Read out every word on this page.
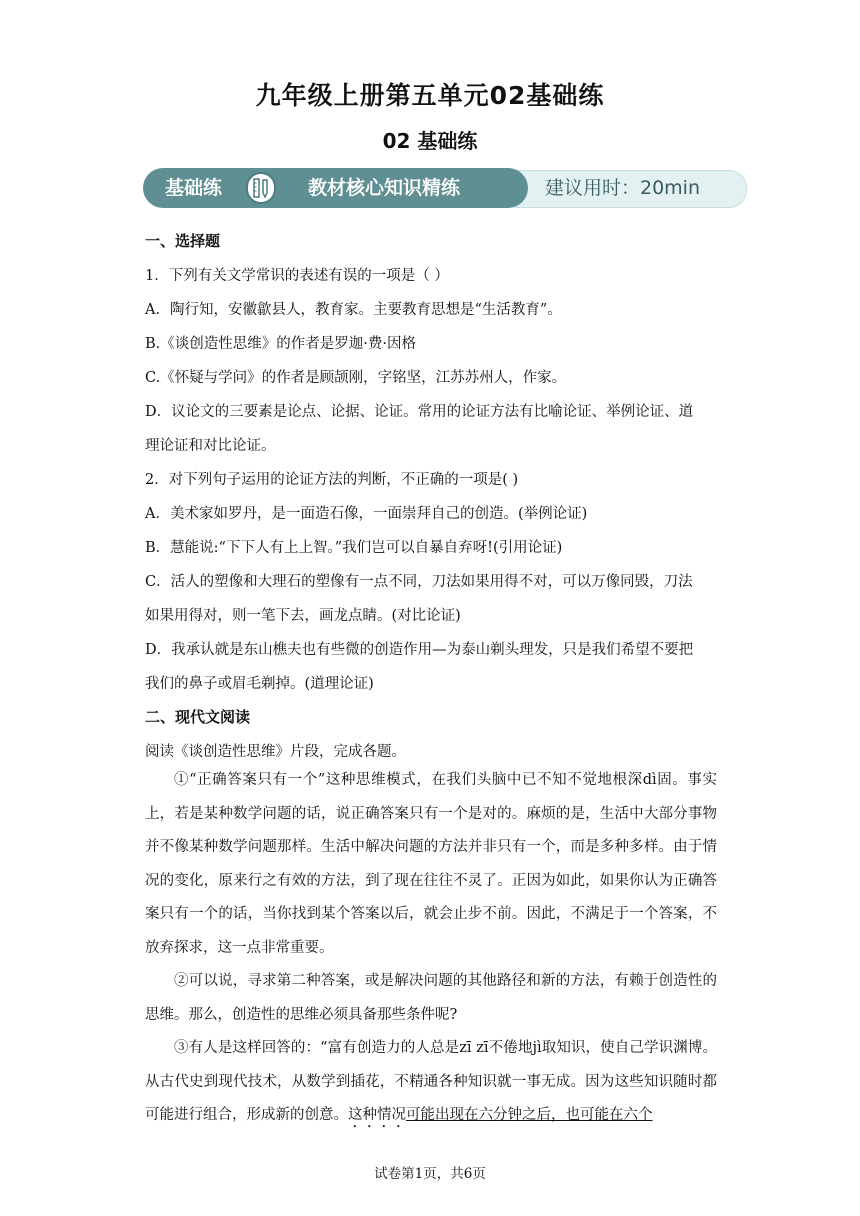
九年级上册第五单元02基础练
02 基础练
基础练	教材核心知识精练	建议用时：20min
一、选择题
1．下列有关文学常识的表述有误的一项是（ ）
A．陶行知，安徽歙县人，教育家。主要教育思想是“生活教育”。
B.《谈创造性思维》的作者是罗迦·费·因格
C.《怀疑与学问》的作者是顾颉刚，字铭坚，江苏苏州人，作家。
D．议论文的三要素是论点、论据、论证。常用的论证方法有比喻论证、举例论证、道
理论证和对比论证。
2．对下列句子运用的论证方法的判断，不正确的一项是( )
A．美术家如罗丹，是一面造石像，一面崇拜自己的创造。(举例论证)
B．慧能说:“下下人有上上智。”我们岂可以自暴自弃呀!(引用论证)
C．活人的塑像和大理石的塑像有一点不同，刀法如果用得不对，可以万像同毁，刀法
如果用得对，则一笔下去，画龙点睛。(对比论证)
D．我承认就是东山樵夫也有些微的创造作用—为泰山剃头理发，只是我们希望不要把
我们的鼻子或眉毛剃掉。(道理论证)
二、现代文阅读
阅读《谈创造性思维》片段，完成各题。

①“正确答案只有一个”这种思维模式，在我们头脑中已不知不觉地根深dì固。事实上，若是某种数学问题的话，说正确答案只有一个是对的。麻烦的是，生活中大部分事物并不像某种数学问题那样。生活中解决问题的方法并非只有一个，而是多种多样。由于情况的变化，原来行之有效的方法，到了现在往往不灵了。正因为如此，如果你认为正确答案只有一个的话，当你找到某个答案以后，就会止步不前。因此，不满足于一个答案，不放弃探求，这一点非常重要。

②可以说，寻求第二种答案，或是解决问题的其他路径和新的方法，有赖于创造性的思维。那么，创造性的思维必须具备那些条件呢?

③有人是这样回答的：“富有创造力的人总是zī zī不倦地jì取知识，使自己学识渊博。从古代史到现代技术，从数学到插花，不精通各种知识就一事无成。因为这些知识随时都可能进行组合，形成新的创意。这种情况可能出现在六分钟之后，也可能在六个

试卷第1页，共6页
